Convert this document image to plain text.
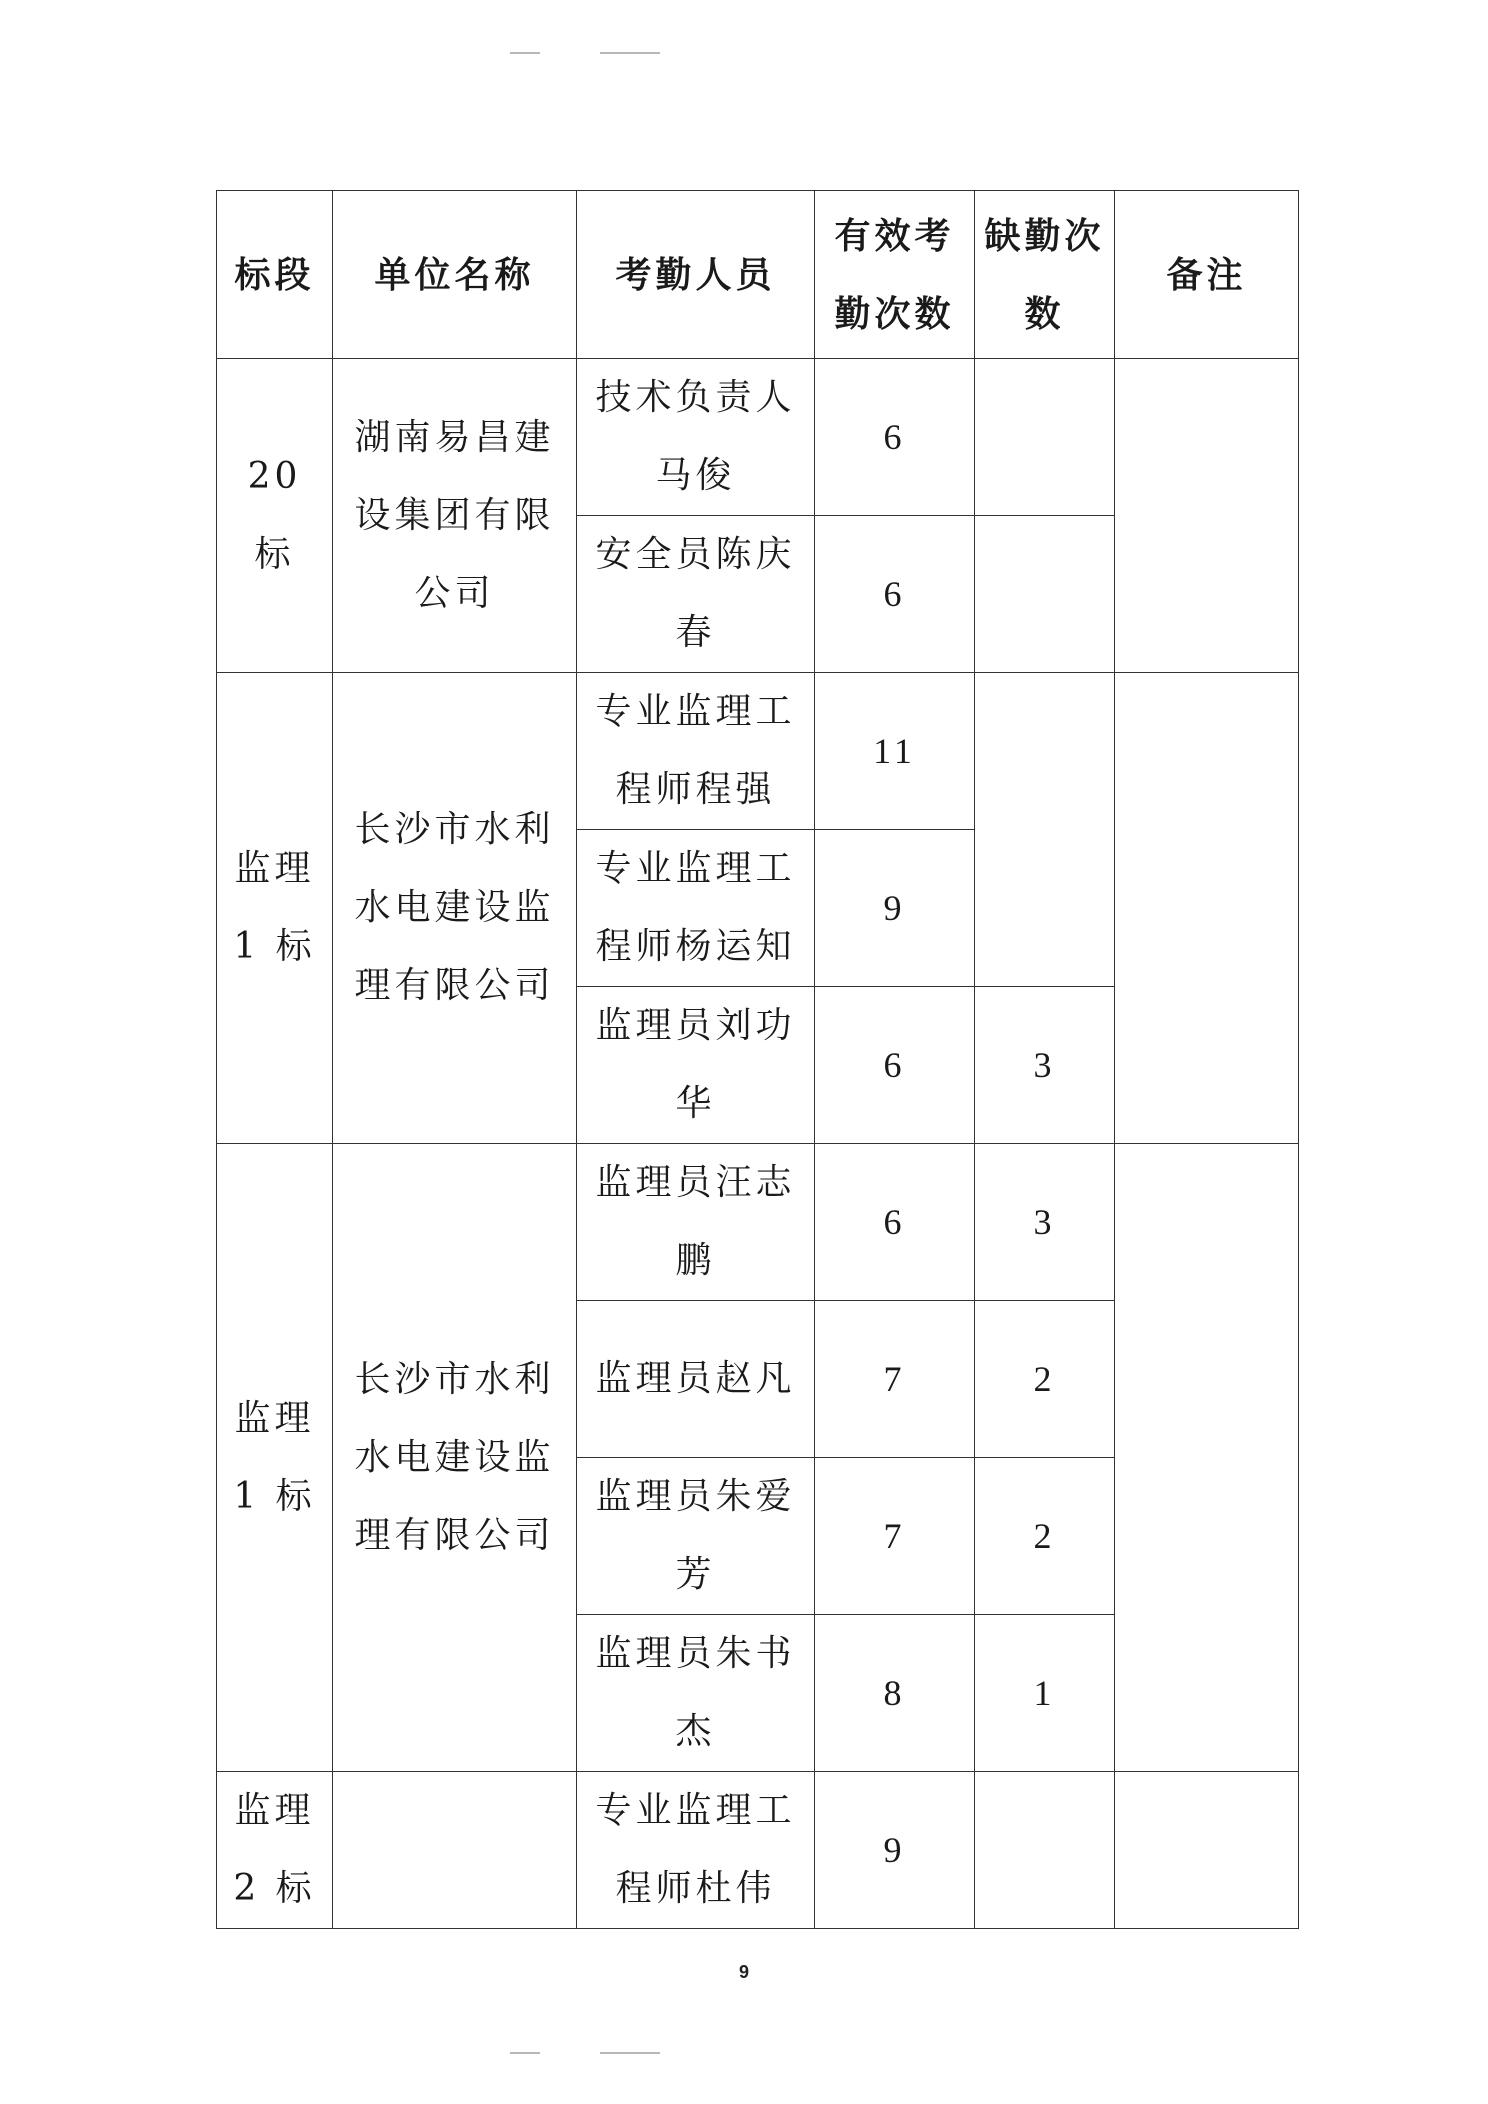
标段	单位名称	考勤人员	有效考勤次数	缺勤次数	备注
20 标	湖南易昌建设集团有限公司	技术负责人马俊	6		
		安全员陈庆春	6		
监理 1 标	长沙市水利水电建设监理有限公司	专业监理工程师程强	11		
		专业监理工程师杨运知	9		
		监理员刘功华	6	3	
监理 1 标	长沙市水利水电建设监理有限公司	监理员汪志鹏	6	3	
		监理员赵凡	7	2	
		监理员朱爱芳	7	2	
		监理员朱书杰	8	1	
监理 2 标		专业监理工程师杜伟	9		
9
